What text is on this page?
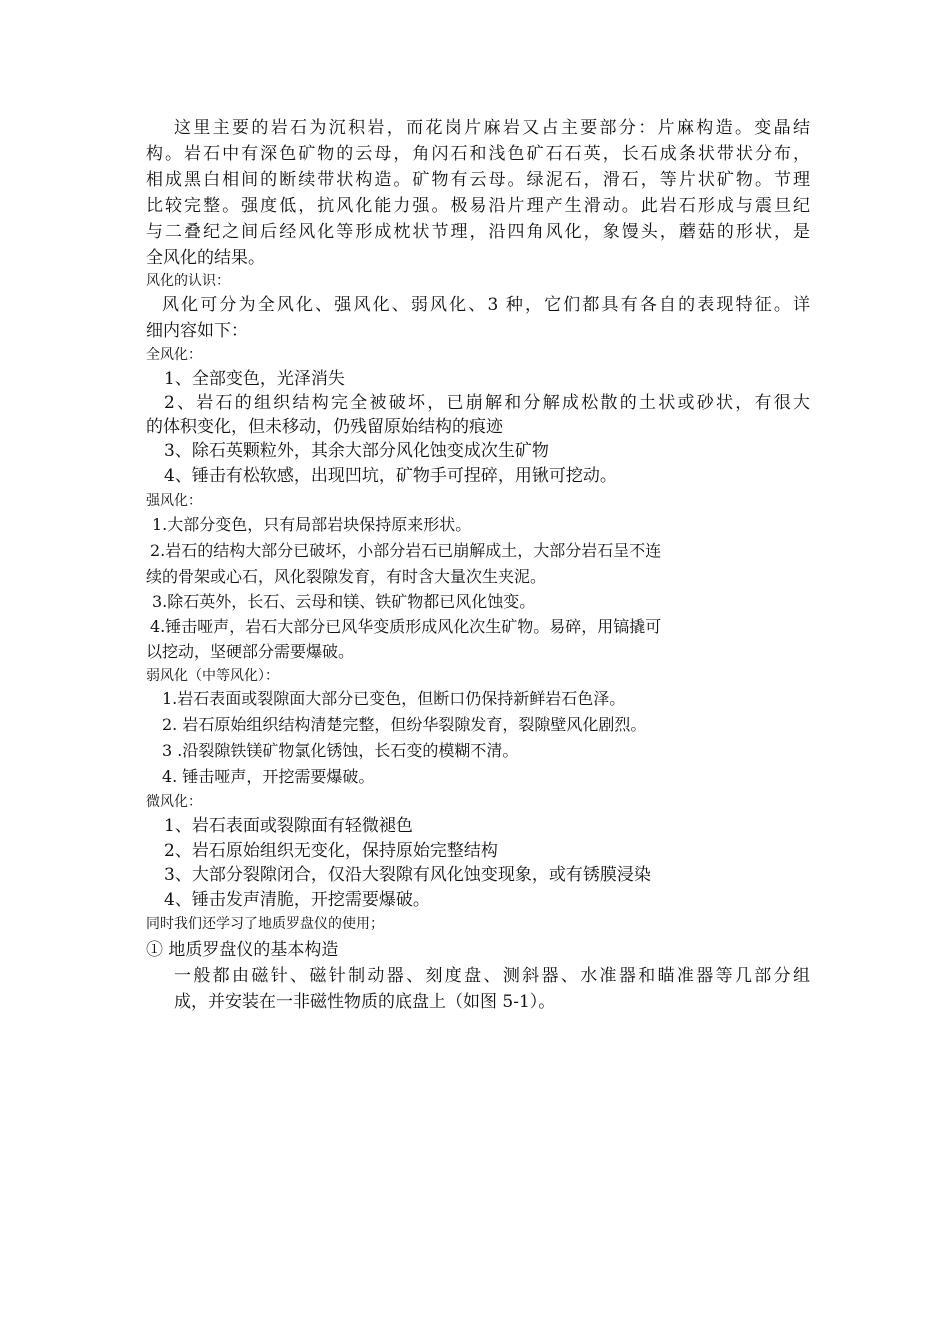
这里主要的岩石为沉积岩，而花岗片麻岩又占主要部分：片麻构造。变晶结
构。岩石中有深色矿物的云母，角闪石和浅色矿石石英，长石成条状带状分布，
相成黑白相间的断续带状构造。矿物有云母。绿泥石，滑石，等片状矿物。节理
比较完整。强度低，抗风化能力强。极易沿片理产生滑动。此岩石形成与震旦纪
与二叠纪之间后经风化等形成枕状节理，沿四角风化，象馒头，蘑菇的形状，是
全风化的结果。
风化的认识：
风化可分为全风化、强风化、弱风化、3 种，它们都具有各自的表现特征。详
细内容如下：
全风化：
1、全部变色，光泽消失
2、岩石的组织结构完全被破坏，已崩解和分解成松散的土状或砂状，有很大
的体积变化，但未移动，仍残留原始结构的痕迹
3、除石英颗粒外，其余大部分风化蚀变成次生矿物
4、锤击有松软感，出现凹坑，矿物手可捏碎，用锹可挖动。
强风化：
1.大部分变色，只有局部岩块保持原来形状。
2.岩石的结构大部分已破坏，小部分岩石已崩解成土，大部分岩石呈不连
续的骨架或心石，风化裂隙发育，有时含大量次生夹泥。
3.除石英外，长石、云母和镁、铁矿物都已风化蚀变。
4.锤击哑声，岩石大部分已风华变质形成风化次生矿物。易碎，用镐撬可
以挖动，坚硬部分需要爆破。
弱风化（中等风化）：
1.岩石表面或裂隙面大部分已变色，但断口仍保持新鲜岩石色泽。
2. 岩石原始组织结构清楚完整，但纷华裂隙发育，裂隙壁风化剧烈。
3 .沿裂隙铁镁矿物氯化锈蚀，长石变的模糊不清。
4. 锤击哑声，开挖需要爆破。
微风化：
1、岩石表面或裂隙面有轻微褪色
2、岩石原始组织无变化，保持原始完整结构
3、大部分裂隙闭合，仅沿大裂隙有风化蚀变现象，或有锈膜浸染
4、锤击发声清脆，开挖需要爆破。
同时我们还学习了地质罗盘仪的使用；
① 地质罗盘仪的基本构造
一般都由磁针、磁针制动器、刻度盘、测斜器、水准器和瞄准器等几部分组
成，并安装在一非磁性物质的底盘上（如图 5-1）。
